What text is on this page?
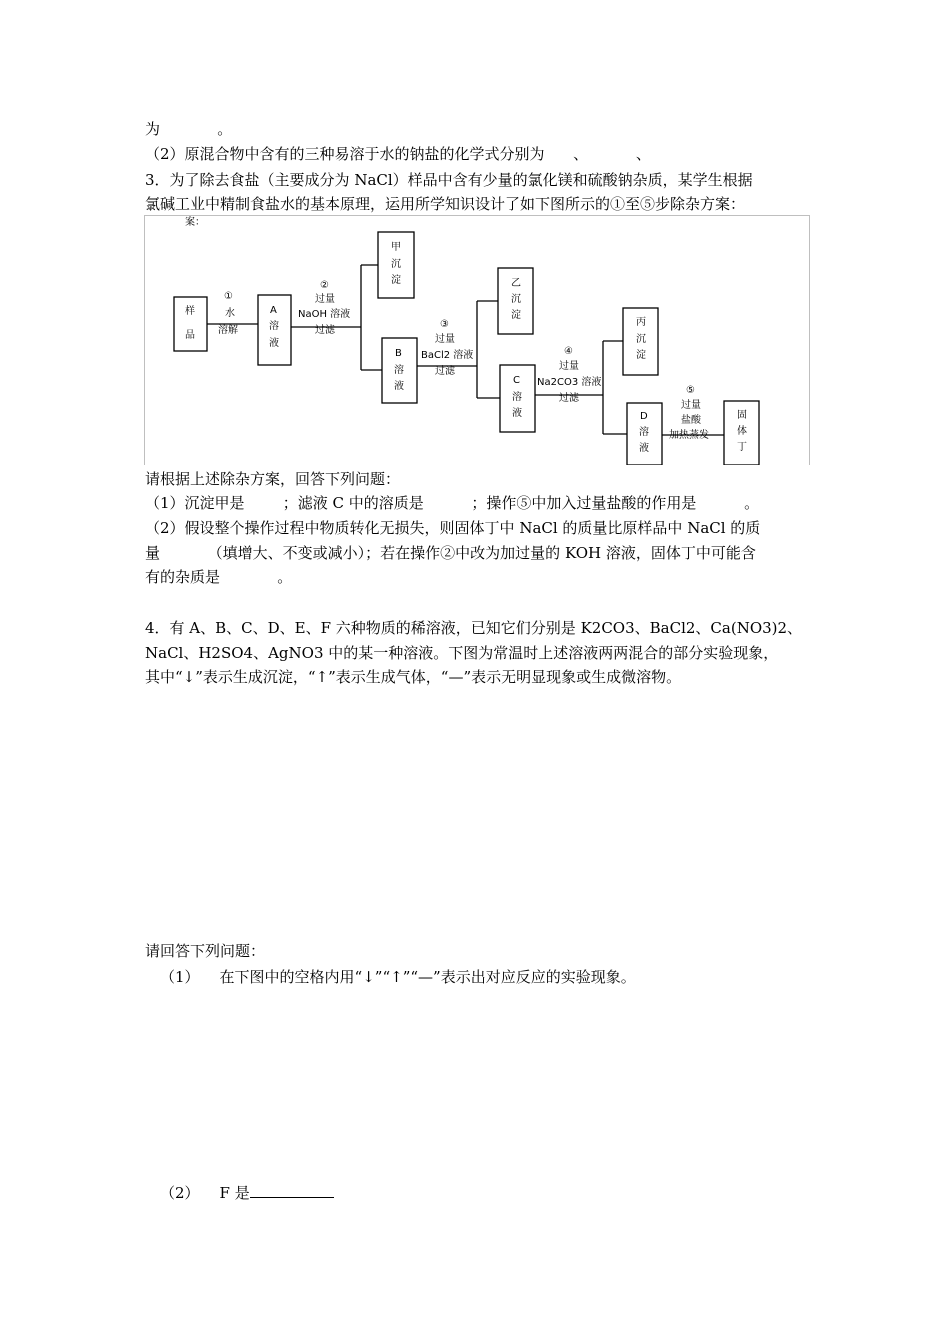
为            。
（2）原混合物中含有的三种易溶于水的钠盐的化学式分别为      、          、
3．为了除去食盐（主要成分为 NaCl）样品中含有少量的氯化镁和硫酸钠杂质，某学生根据
氯碱工业中精制食盐水的基本原理，运用所学知识设计了如下图所示的①至⑤步除杂方案：
案：
样
品
A
溶
液
甲
沉
淀
B
溶
液
乙
沉
淀
C
溶
液
丙
沉
淀
D
溶
液
固
体
丁
①
水
溶解
②
过量
NaOH 溶液
过滤
③
过量
BaCl2 溶液
过滤
④
过量
Na2CO3 溶液
过滤
⑤
过量
盐酸
加热蒸发
请根据上述除杂方案，回答下列问题：
（1）沉淀甲是        ；滤液 C 中的溶质是          ；操作⑤中加入过量盐酸的作用是          。
（2）假设整个操作过程中物质转化无损失，则固体丁中 NaCl 的质量比原样品中 NaCl 的质
量          （填增大、不变或减小）；若在操作②中改为加过量的 KOH 溶液，固体丁中可能含
有的杂质是            。
4．有 A、B、C、D、E、F 六种物质的稀溶液，已知它们分别是 K2CO3、BaCl2、Ca(NO3)2、
NaCl、H2SO4、AgNO3 中的某一种溶液。下图为常温时上述溶液两两混合的部分实验现象，
其中“↓”表示生成沉淀，“↑”表示生成气体，“—”表示无明显现象或生成微溶物。
请回答下列问题：
（1） 在下图中的空格内用“↓”“↑”“—”表示出对应反应的实验现象。
（2） F 是
